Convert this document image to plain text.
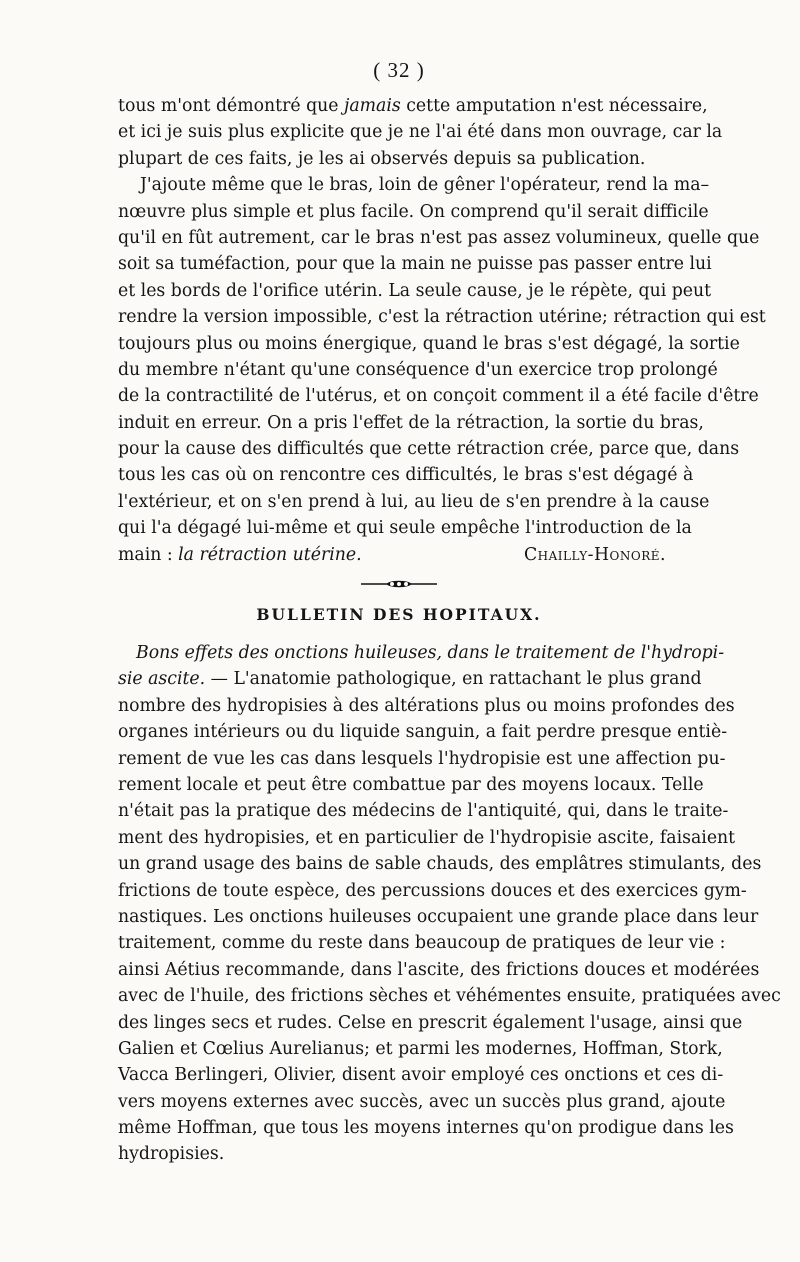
( 32 )
tous m'ont démontré que jamais cette amputation n'est nécessaire,
et ici je suis plus explicite que je ne l'ai été dans mon ouvrage, car la
plupart de ces faits, je les ai observés depuis sa publication.
J'ajoute même que le bras, loin de gêner l'opérateur, rend la ma–
nœuvre plus simple et plus facile. On comprend qu'il serait difficile
qu'il en fût autrement, car le bras n'est pas assez volumineux, quelle que
soit sa tuméfaction, pour que la main ne puisse pas passer entre lui
et les bords de l'orifice utérin. La seule cause, je le répète, qui peut
rendre la version impossible, c'est la rétraction utérine; rétraction qui est
toujours plus ou moins énergique, quand le bras s'est dégagé, la sortie
du membre n'étant qu'une conséquence d'un exercice trop prolongé
de la contractilité de l'utérus, et on conçoit comment il a été facile d'être
induit en erreur. On a pris l'effet de la rétraction, la sortie du bras,
pour la cause des difficultés que cette rétraction crée, parce que, dans
tous les cas où on rencontre ces difficultés, le bras s'est dégagé à
l'extérieur, et on s'en prend à lui, au lieu de s'en prendre à la cause
qui l'a dégagé lui-même et qui seule empêche l'introduction de la
main : la rétraction utérine.	Chailly-Honoré.
BULLETIN DES HOPITAUX.
Bons effets des onctions huileuses, dans le traitement de l'hydropi-
sie ascite. — L'anatomie pathologique, en rattachant le plus grand
nombre des hydropisies à des altérations plus ou moins profondes des
organes intérieurs ou du liquide sanguin, a fait perdre presque entiè-
rement de vue les cas dans lesquels l'hydropisie est une affection pu-
rement locale et peut être combattue par des moyens locaux. Telle
n'était pas la pratique des médecins de l'antiquité, qui, dans le traite-
ment des hydropisies, et en particulier de l'hydropisie ascite, faisaient
un grand usage des bains de sable chauds, des emplâtres stimulants, des
frictions de toute espèce, des percussions douces et des exercices gym-
nastiques. Les onctions huileuses occupaient une grande place dans leur
traitement, comme du reste dans beaucoup de pratiques de leur vie :
ainsi Aétius recommande, dans l'ascite, des frictions douces et modérées
avec de l'huile, des frictions sèches et véhémentes ensuite, pratiquées avec
des linges secs et rudes. Celse en prescrit également l'usage, ainsi que
Galien et Cœlius Aurelianus; et parmi les modernes, Hoffman, Stork,
Vacca Berlingeri, Olivier, disent avoir employé ces onctions et ces di-
vers moyens externes avec succès, avec un succès plus grand, ajoute
même Hoffman, que tous les moyens internes qu'on prodigue dans les
hydropisies.
